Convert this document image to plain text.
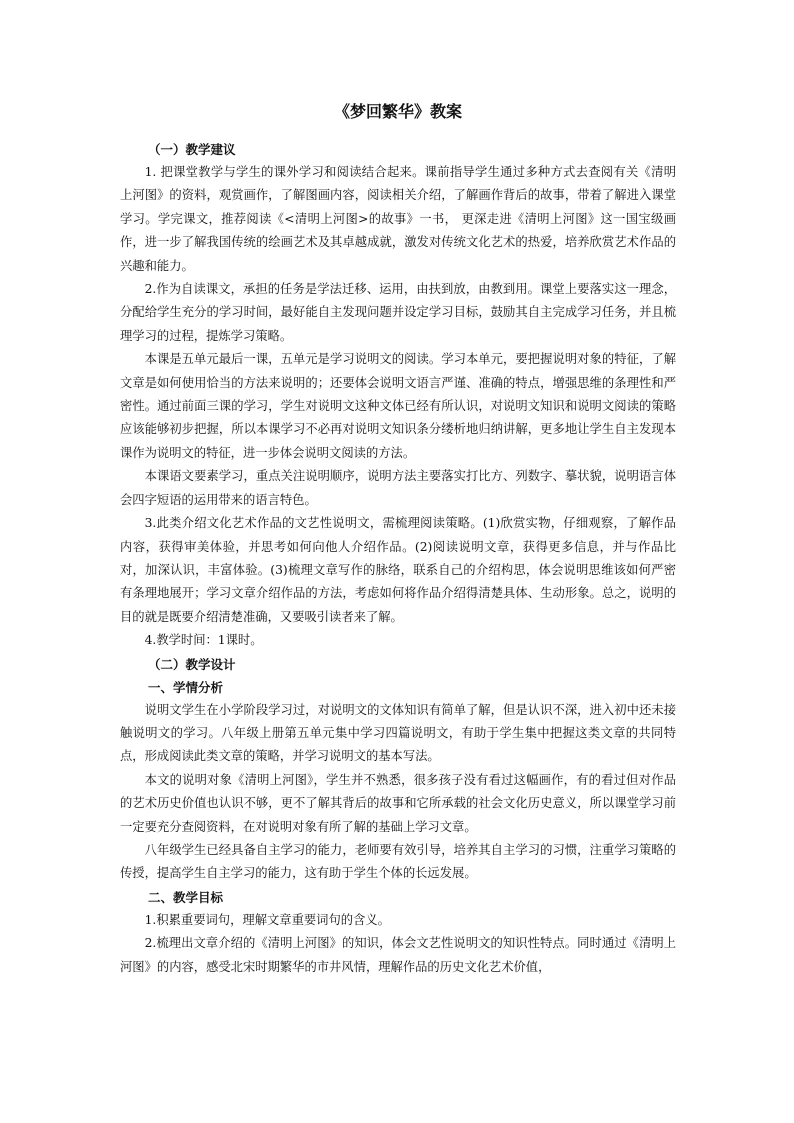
《梦回繁华》教案
（一）教学建议

1. 把课堂教学与学生的课外学习和阅读结合起来。课前指导学生通过多种方式去查阅有关《清明上河图》的资料，观赏画作，了解图画内容，阅读相关介绍，了解画作背后的故事，带着了解进入课堂学习。学完课文，推荐阅读《<清明上河图>的故事》一书， 更深走进《清明上河图》这一国宝级画作，进一步了解我国传统的绘画艺术及其卓越成就，激发对传统文化艺术的热爱，培养欣赏艺术作品的兴趣和能力。

2.作为自读课文，承担的任务是学法迁移、运用，由扶到放，由教到用。课堂上要落实这一理念，分配给学生充分的学习时间，最好能自主发现问题并设定学习目标，鼓励其自主完成学习任务，并且梳理学习的过程，提炼学习策略。

本课是五单元最后一课，五单元是学习说明文的阅读。学习本单元，要把握说明对象的特征，了解文章是如何使用恰当的方法来说明的；还要体会说明文语言严谨、准确的特点，增强思维的条理性和严密性。通过前面三课的学习，学生对说明文这种文体已经有所认识，对说明文知识和说明文阅读的策略应该能够初步把握，所以本课学习不必再对说明文知识条分缕析地归纳讲解，更多地让学生自主发现本课作为说明文的特征，进一步体会说明文阅读的方法。

本课语文要素学习，重点关注说明顺序，说明方法主要落实打比方、列数字、摹状貌，说明语言体会四字短语的运用带来的语言特色。

3.此类介绍文化艺术作品的文艺性说明文，需梳理阅读策略。(1)欣赏实物，仔细观察，了解作品内容，获得审美体验，并思考如何向他人介绍作品。(2)阅读说明文章，获得更多信息，并与作品比对，加深认识，丰富体验。(3)梳理文章写作的脉络，联系自己的介绍构思，体会说明思维该如何严密有条理地展开；学习文章介绍作品的方法，考虑如何将作品介绍得清楚具体、生动形象。总之，说明的目的就是既要介绍清楚准确，又要吸引读者来了解。

4.教学时间：1课时。

（二）教学设计
一、学情分析

说明文学生在小学阶段学习过，对说明文的文体知识有简单了解，但是认识不深，进入初中还未接触说明文的学习。八年级上册第五单元集中学习四篇说明文，有助于学生集中把握这类文章的共同特点，形成阅读此类文章的策略，并学习说明文的基本写法。

本文的说明对象《清明上河图》，学生并不熟悉，很多孩子没有看过这幅画作，有的看过但对作品的艺术历史价值也认识不够，更不了解其背后的故事和它所承载的社会文化历史意义，所以课堂学习前一定要充分查阅资料，在对说明对象有所了解的基础上学习文章。

八年级学生已经具备自主学习的能力，老师要有效引导，培养其自主学习的习惯，注重学习策略的传授，提高学生自主学习的能力，这有助于学生个体的长远发展。

二、教学目标

1.积累重要词句，理解文章重要词句的含义。

2.梳理出文章介绍的《清明上河图》的知识，体会文艺性说明文的知识性特点。同时通过《清明上河图》的内容，感受北宋时期繁华的市井风情，理解作品的历史文化艺术价值，
